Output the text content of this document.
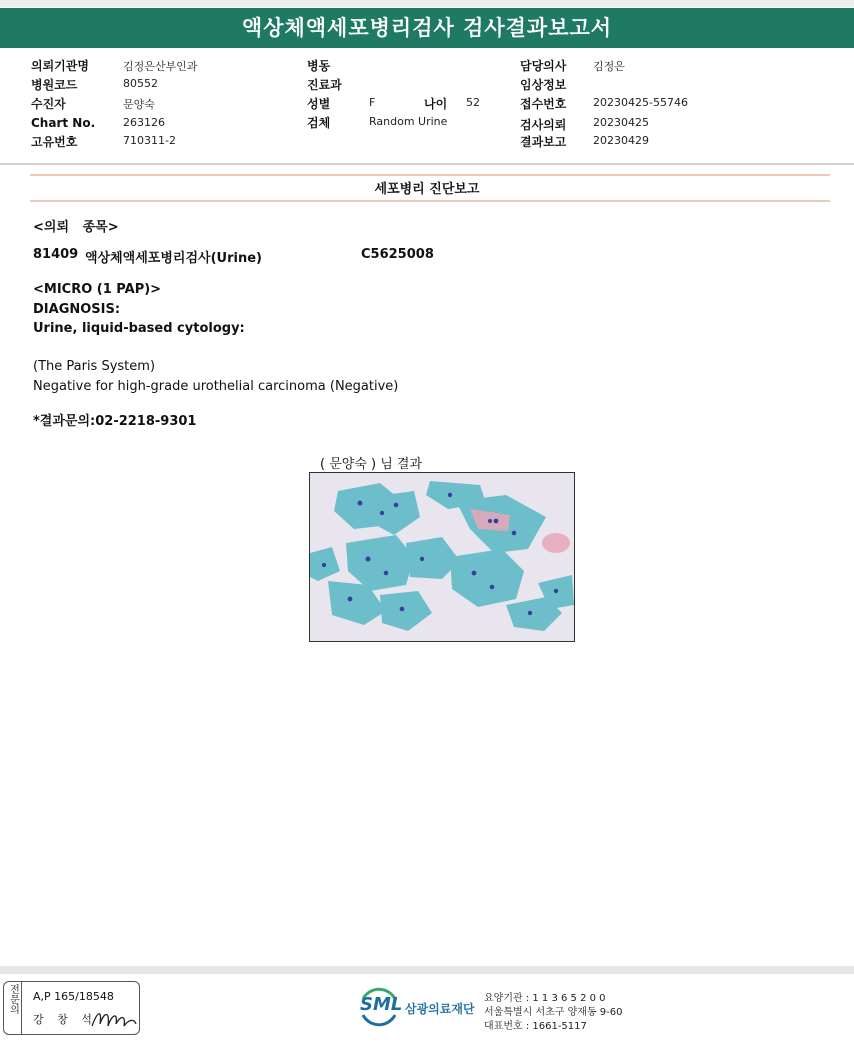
액상체액세포병리검사 검사결과보고서
의뢰기관명	김정은산부인과
병원코드	80552
수진자	문양숙
Chart No.	263126
고유번호	710311-2
병동
진료과
성별	F	나이 52
검체	Random Urine
담당의사 김정은
임상정보
접수번호 20230425-55746
검사의뢰 20230425
결과보고 20230429
세포병리 진단보고
<의뢰   종목>
81409 액상체액세포병리검사(Urine)	C5625008
<MICRO (1 PAP)>
DIAGNOSIS:
Urine, liquid-based cytology:
(The Paris System)
Negative for high-grade urothelial carcinoma (Negative)
*결과문의:02-2218-9301
( 문양숙 ) 님 결과
전문의	A,P 165/18548
강 창 석
SML 삼광의료재단
요양기관 : 1 1 3 6 5 2 0 0
서울특별시 서초구 양재동 9-60
대표번호 : 1661-5117
